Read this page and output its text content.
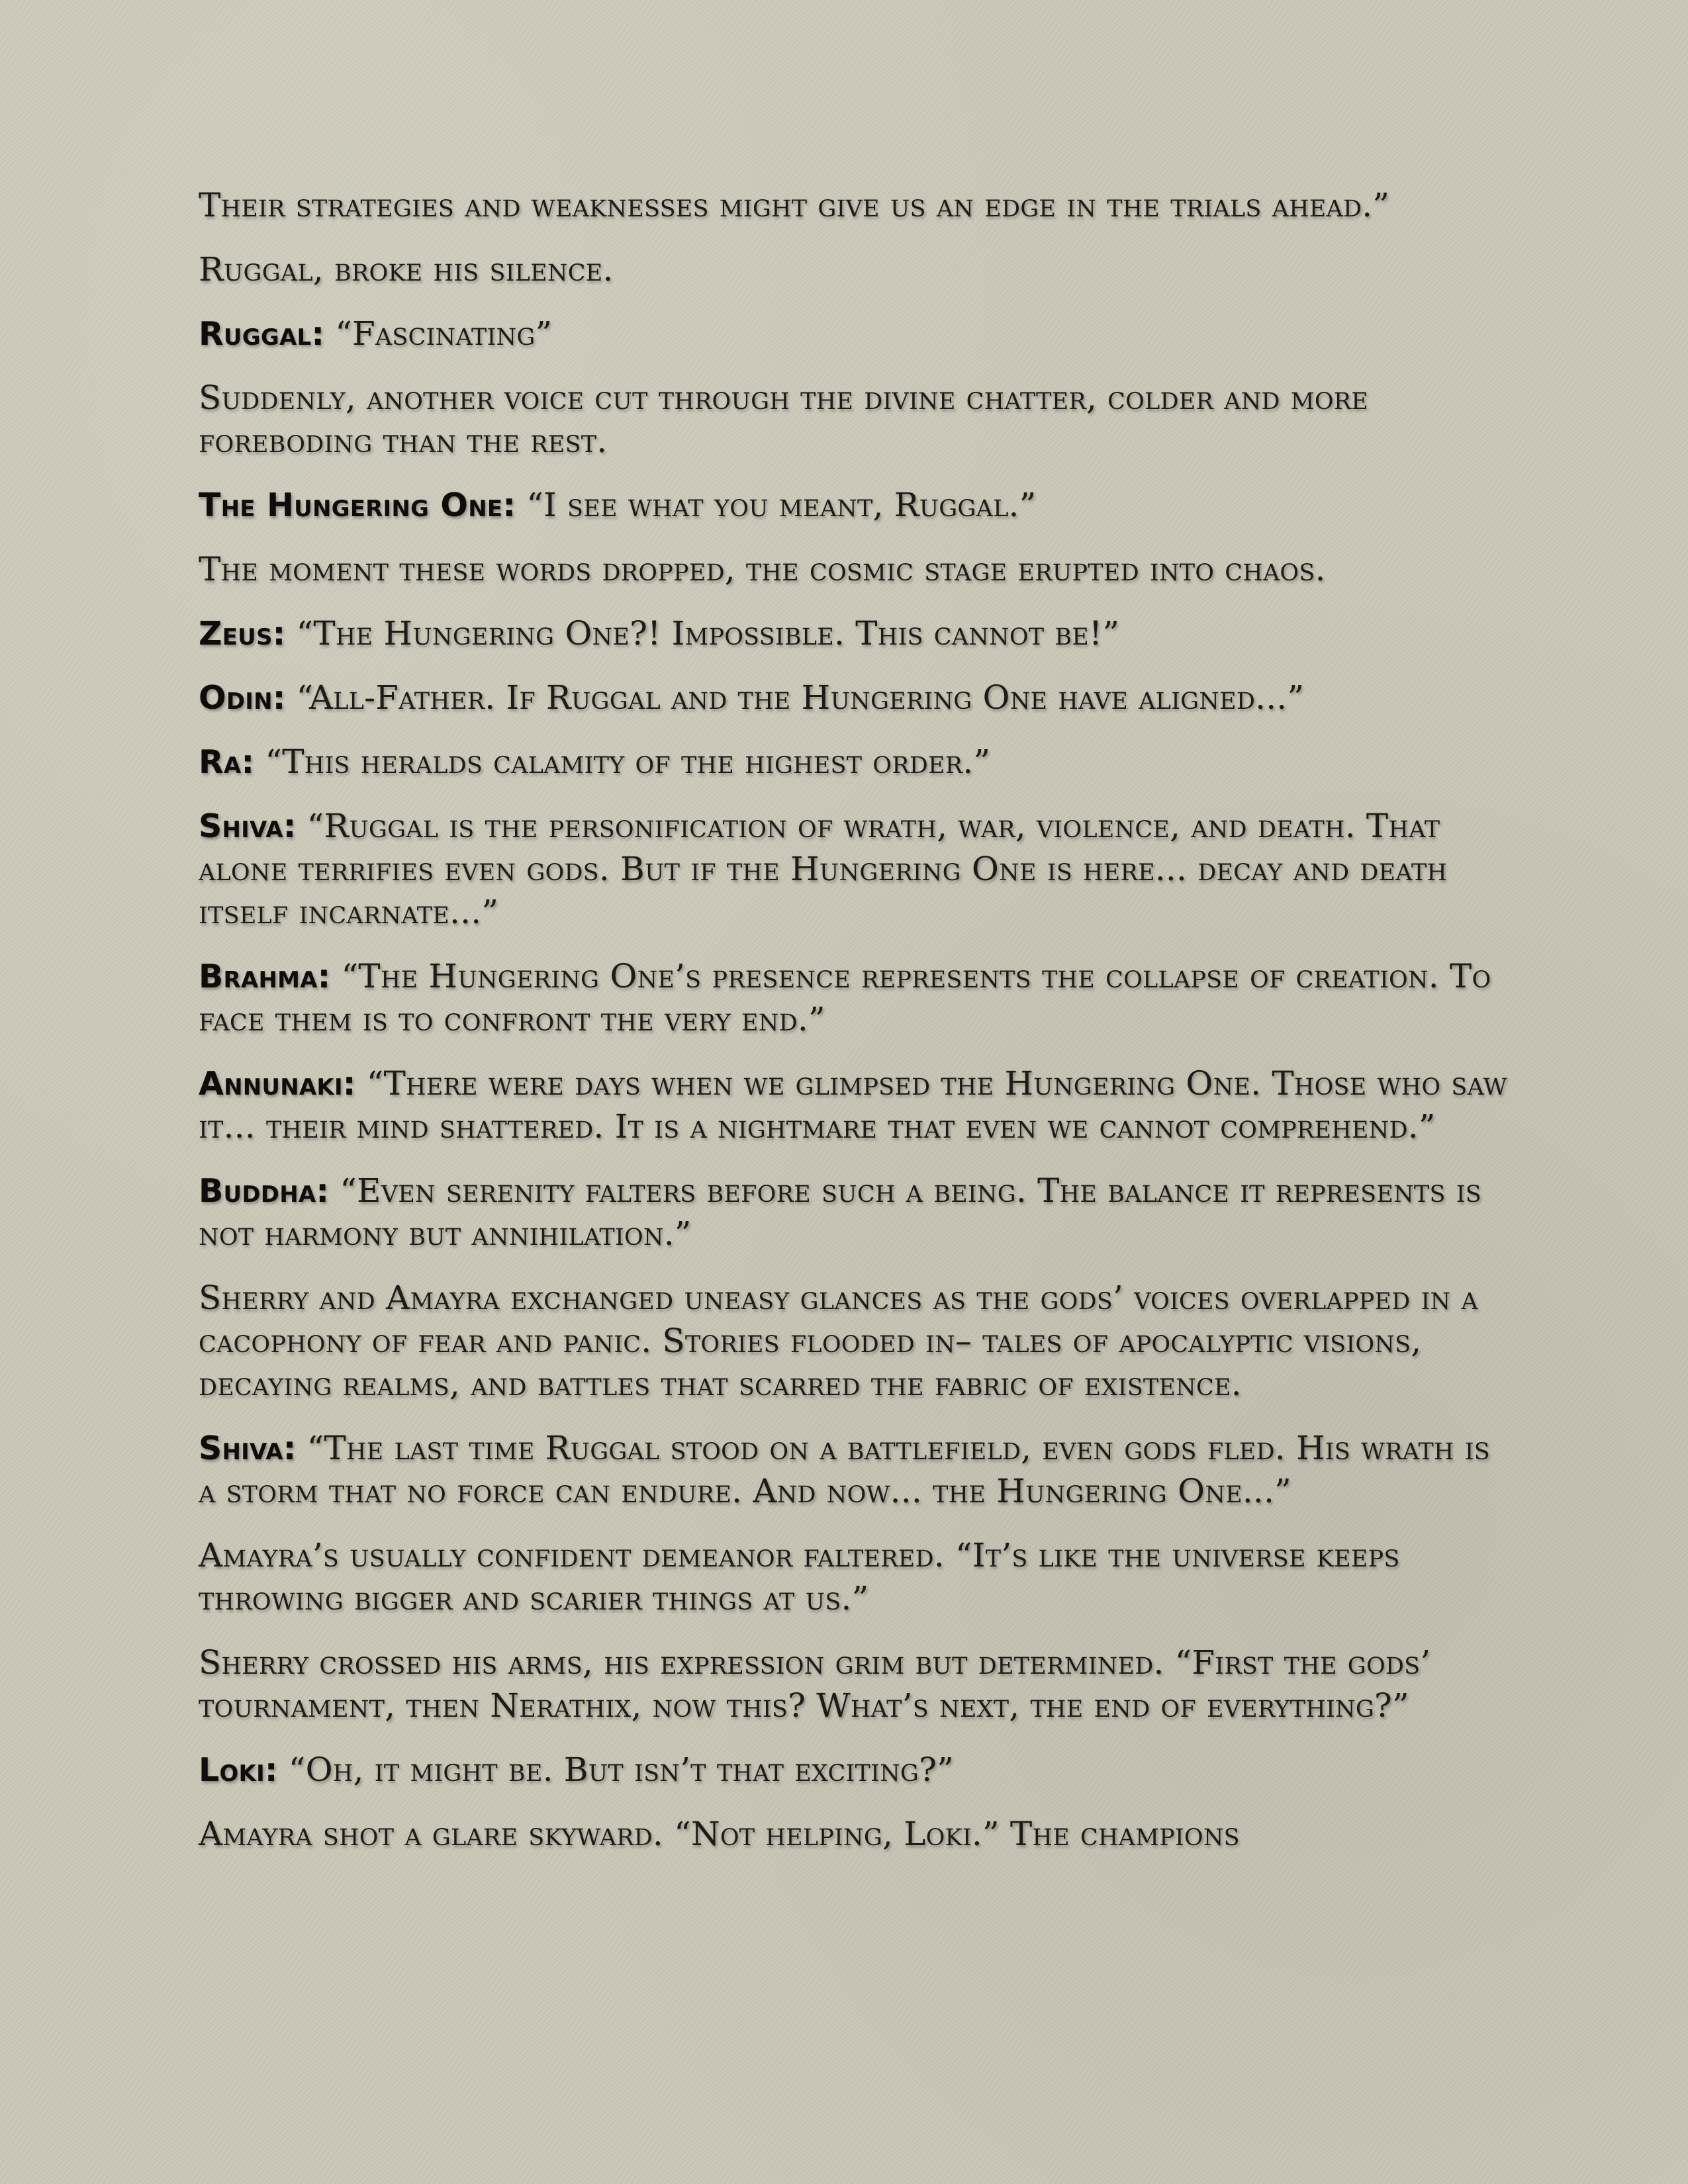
Their strategies and weaknesses might give us an edge in the trials ahead.”

Ruggal, broke his silence.

Ruggal: “Fascinating”

Suddenly, another voice cut through the divine chatter, colder and more foreboding than the rest.

The Hungering One: “I see what you meant, Ruggal.”

The moment these words dropped, the cosmic stage erupted into chaos.

Zeus: “The Hungering One?! Impossible. This cannot be!”

Odin: “All-Father. If Ruggal and the Hungering One have aligned...”

Ra: “This heralds calamity of the highest order.”

Shiva: “Ruggal is the personification of wrath, war, violence, and death. That alone terrifies even gods. But if the Hungering One is here... decay and death itself incarnate...”

Brahma: “The Hungering One’s presence represents the collapse of creation. To face them is to confront the very end.”

Annunaki: “There were days when we glimpsed the Hungering One. Those who saw it... their mind shattered. It is a nightmare that even we cannot comprehend.”

Buddha: “Even serenity falters before such a being. The balance it represents is not harmony but annihilation.”

Sherry and Amayra exchanged uneasy glances as the gods’ voices overlapped in a cacophony of fear and panic. Stories flooded in– tales of apocalyptic visions, decaying realms, and battles that scarred the fabric of existence.

Shiva: “The last time Ruggal stood on a battlefield, even gods fled. His wrath is a storm that no force can endure. And now... the Hungering One...”

Amayra’s usually confident demeanor faltered. “It’s like the universe keeps throwing bigger and scarier things at us.”

Sherry crossed his arms, his expression grim but determined. “First the gods’ tournament, then Nerathix, now this? What’s next, the end of everything?”

Loki: “Oh, it might be. But isn’t that exciting?”

Amayra shot a glare skyward. “Not helping, Loki.” The champions
